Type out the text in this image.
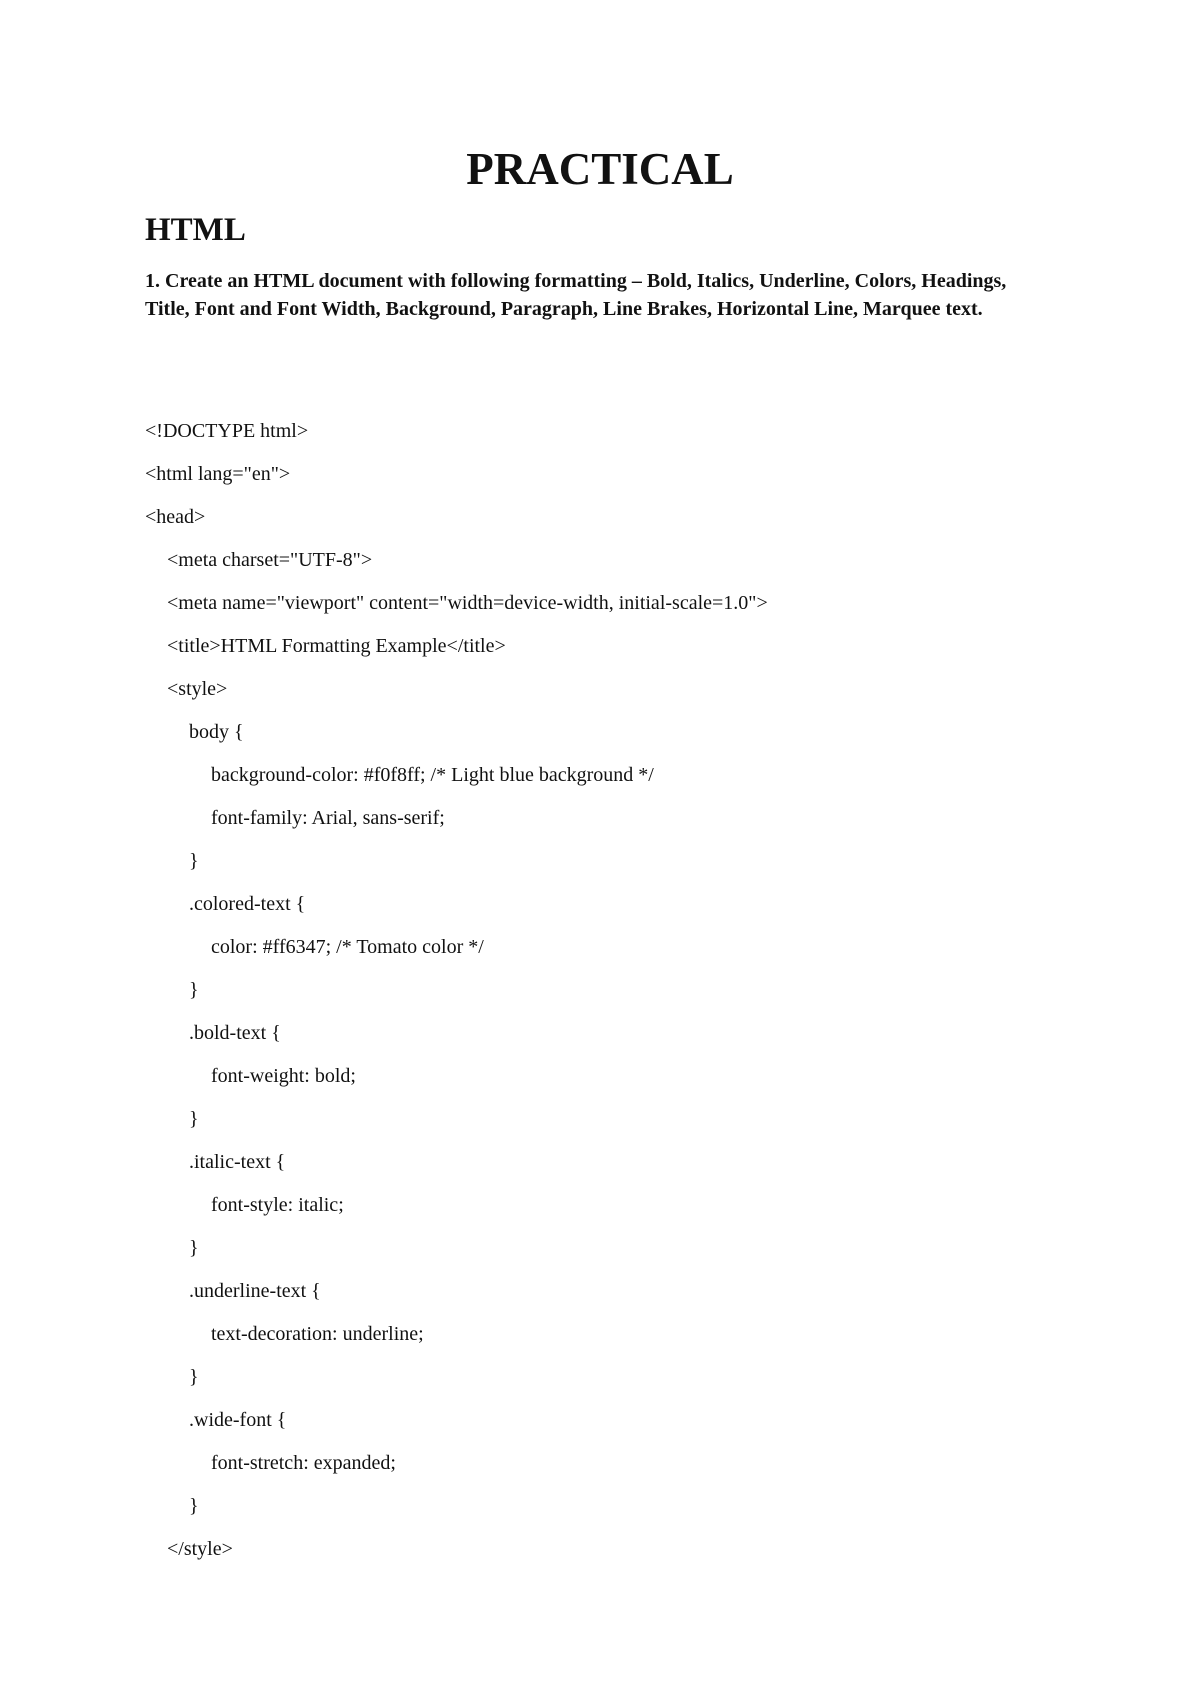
PRACTICAL
HTML

1. Create an HTML document with following formatting – Bold, Italics, Underline, Colors, Headings, Title, Font and Font Width, Background, Paragraph, Line Brakes, Horizontal Line, Marquee text.

<!DOCTYPE html>
<html lang="en">
<head>
<meta charset="UTF-8">
<meta name="viewport" content="width=device-width, initial-scale=1.0">
<title>HTML Formatting Example</title>
<style>
body {
background-color: #f0f8ff; /* Light blue background */
font-family: Arial, sans-serif;
}
.colored-text {
color: #ff6347; /* Tomato color */
}
.bold-text {
font-weight: bold;
}
.italic-text {
font-style: italic;
}
.underline-text {
text-decoration: underline;
}
.wide-font {
font-stretch: expanded;
}
</style>
